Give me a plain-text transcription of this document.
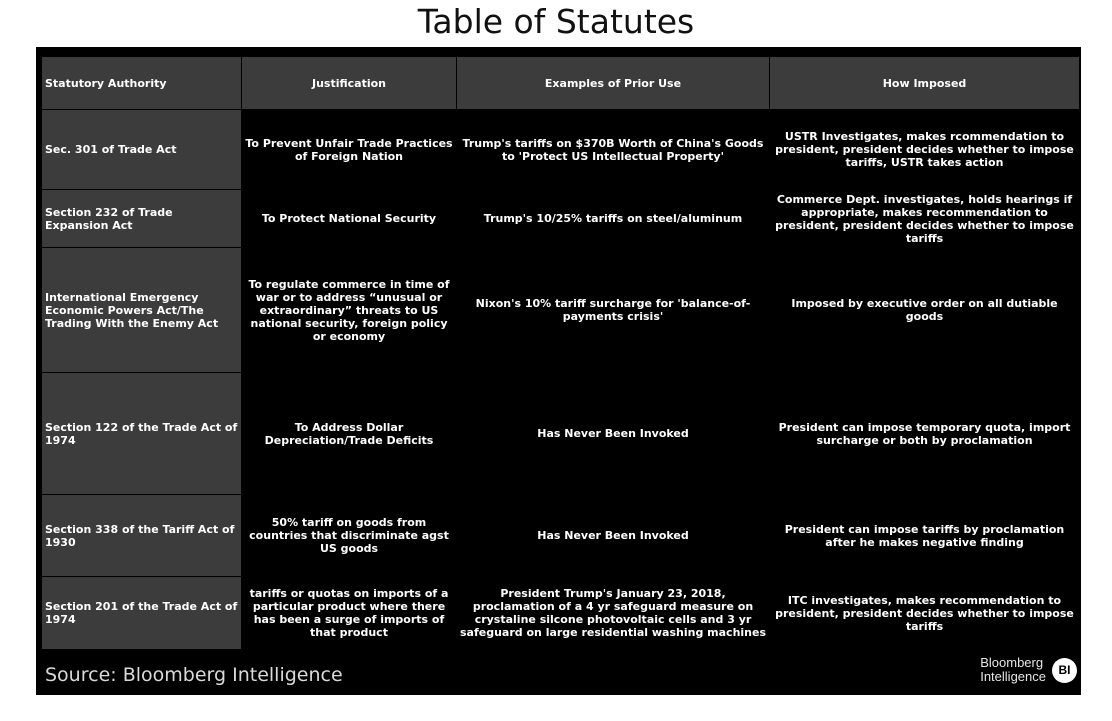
Table of Statutes
Statutory Authority	Justification	Examples of Prior Use	How Imposed
Sec. 301 of Trade Act	To Prevent Unfair Trade Practices of Foreign Nation	Trump's tariffs on $370B Worth of China's Goods to 'Protect US Intellectual Property'	USTR Investigates, makes rcommendation to president, president decides whether to impose tariffs, USTR takes action
Section 232 of Trade Expansion Act	To Protect National Security	Trump's 10/25% tariffs on steel/aluminum	Commerce Dept. investigates, holds hearings if appropriate, makes recommendation to president, president decides whether to impose tariffs
International Emergency Economic Powers Act/The Trading With the Enemy Act	To regulate commerce in time of war or to address “unusual or extraordinary” threats to US national security, foreign policy or economy	Nixon's 10% tariff surcharge for 'balance-of-payments crisis'	Imposed by executive order on all dutiable goods
Section 122 of the Trade Act of 1974	To Address Dollar Depreciation/Trade Deficits	Has Never Been Invoked	President can impose temporary quota, import surcharge or both by proclamation
Section 338 of the Tariff Act of 1930	50% tariff on goods from countries that discriminate agst US goods	Has Never Been Invoked	President can impose tariffs by proclamation after he makes negative finding
Section 201 of the Trade Act of 1974	tariffs or quotas on imports of a particular product where there has been a surge of imports of that product	President Trump's January 23, 2018, proclamation of a 4 yr safeguard measure on crystaline silcone photovoltaic cells and 3 yr safeguard on large residential washing machines	ITC investigates, makes recommendation to president, president decides whether to impose tariffs
Source: Bloomberg Intelligence
Bloomberg
Intelligence	BI
